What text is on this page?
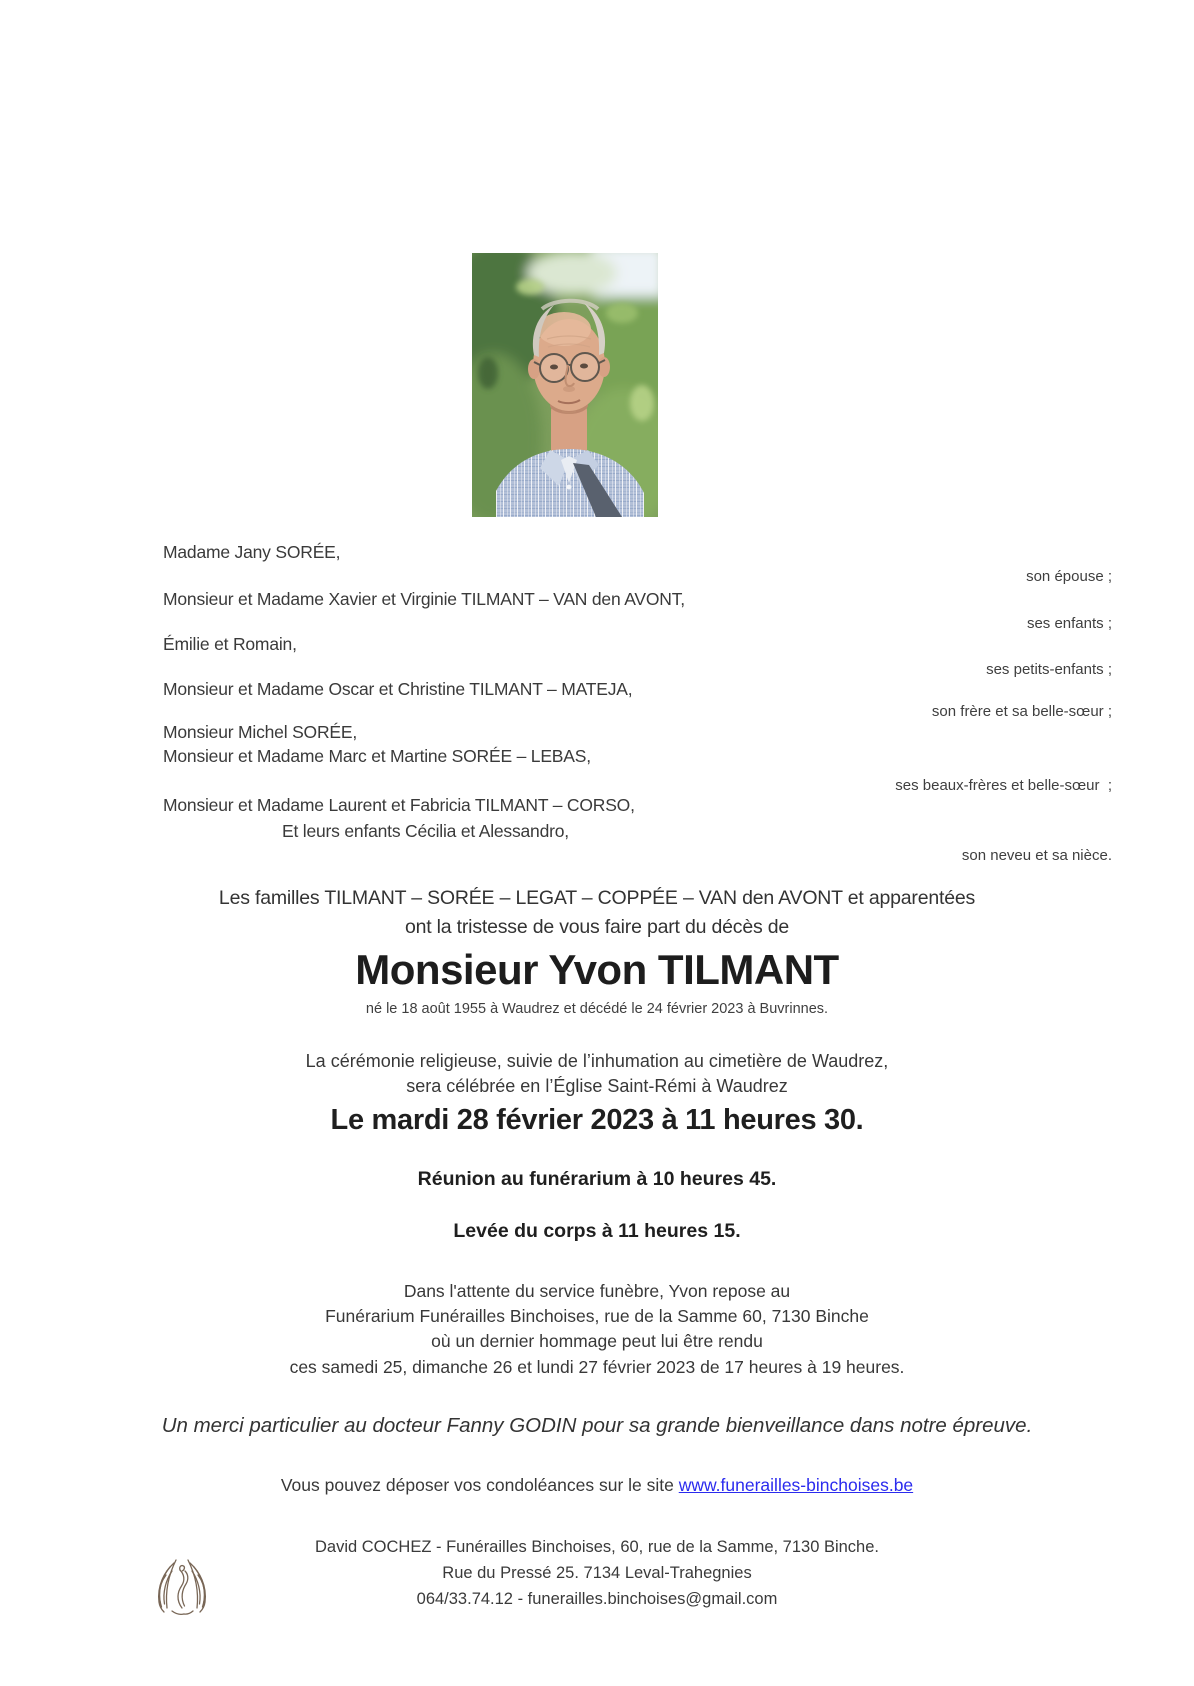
Madame Jany SORÉE,
son épouse ;
Monsieur et Madame Xavier et Virginie TILMANT – VAN den AVONT,
ses enfants ;
Émilie et Romain,
ses petits-enfants ;
Monsieur et Madame Oscar et Christine TILMANT – MATEJA,
son frère et sa belle-sœur ;
Monsieur Michel SORÉE,
Monsieur et Madame Marc et Martine SORÉE – LEBAS,
ses beaux-frères et belle-sœur  ;
Monsieur et Madame Laurent et Fabricia TILMANT – CORSO,
Et leurs enfants Cécilia et Alessandro,
son neveu et sa nièce.
Les familles TILMANT – SORÉE – LEGAT – COPPÉE – VAN den AVONT et apparentées
ont la tristesse de vous faire part du décès de
Monsieur Yvon TILMANT
né le 18 août 1955 à Waudrez et décédé le 24 février 2023 à Buvrinnes.
La cérémonie religieuse, suivie de l’inhumation au cimetière de Waudrez,
sera célébrée en l’Église Saint-Rémi à Waudrez
Le mardi 28 février 2023 à 11 heures 30.
Réunion au funérarium à 10 heures 45.
Levée du corps à 11 heures 15.
Dans l'attente du service funèbre, Yvon repose au
Funérarium Funérailles Binchoises, rue de la Samme 60, 7130 Binche
où un dernier hommage peut lui être rendu
ces samedi 25, dimanche 26 et lundi 27 février 2023 de 17 heures à 19 heures.
Un merci particulier au docteur Fanny GODIN pour sa grande bienveillance dans notre épreuve.
Vous pouvez déposer vos condoléances sur le site www.funerailles-binchoises.be
David COCHEZ - Funérailles Binchoises, 60, rue de la Samme, 7130 Binche.
Rue du Pressé 25. 7134 Leval-Trahegnies
064/33.74.12 - funerailles.binchoises@gmail.com
